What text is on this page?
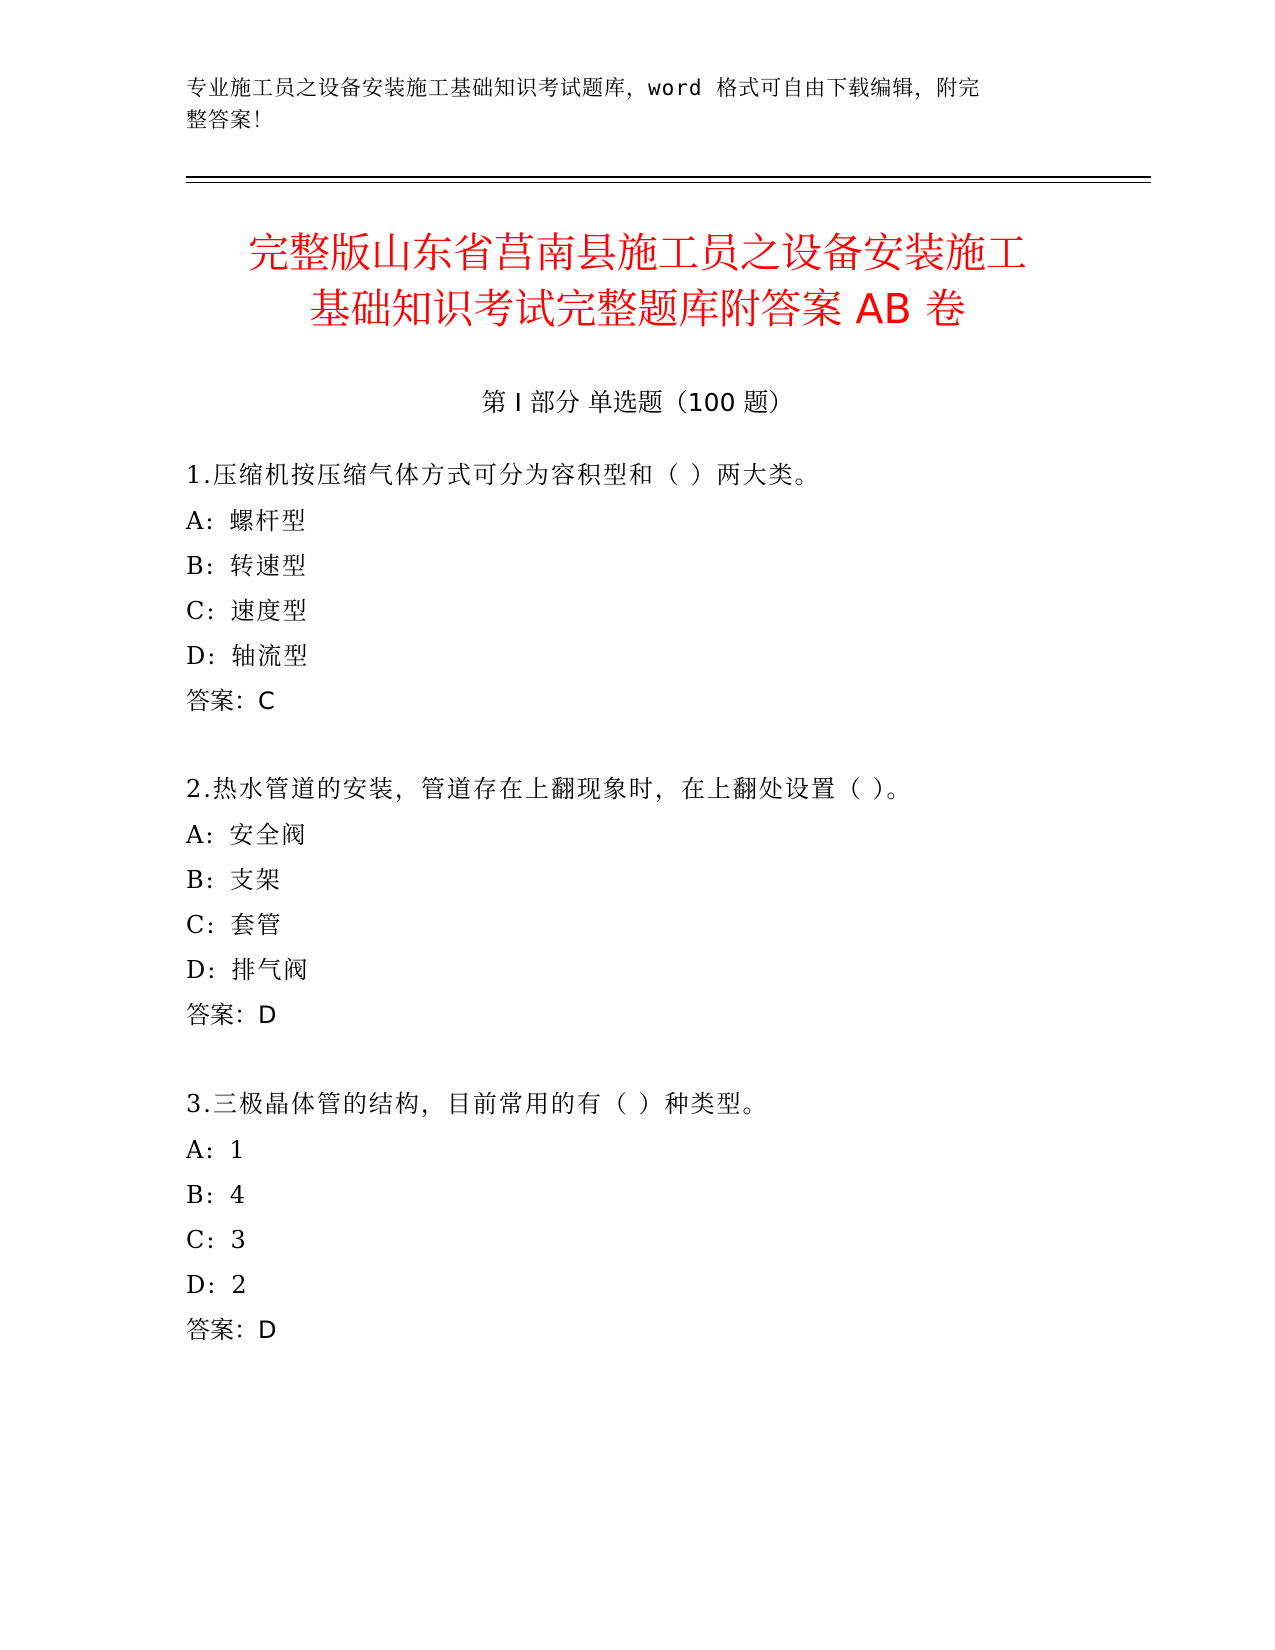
专业施工员之设备安装施工基础知识考试题库，word 格式可自由下载编辑，附完
整答案！
完整版山东省莒南县施工员之设备安装施工
基础知识考试完整题库附答案 AB 卷
第 I 部分 单选题（100 题）
1.压缩机按压缩气体方式可分为容积型和（ ）两大类。
A: 螺杆型
B: 转速型
C: 速度型
D: 轴流型
答案：C
2.热水管道的安装，管道存在上翻现象时，在上翻处设置（ ）。
A: 安全阀
B: 支架
C: 套管
D: 排气阀
答案：D
3.三极晶体管的结构，目前常用的有（ ）种类型。
A: 1
B: 4
C: 3
D: 2
答案：D
